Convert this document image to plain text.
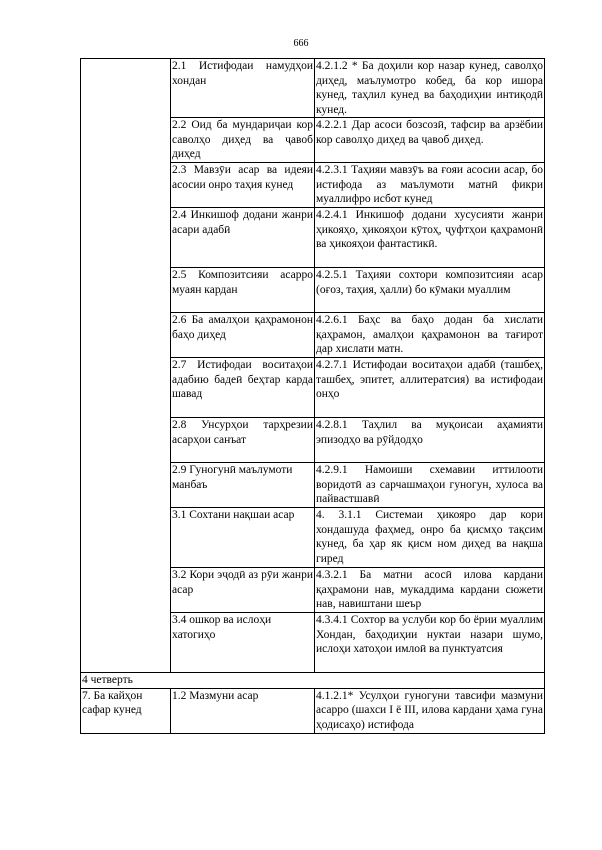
666
	2.1 Истифодаи намудҳои хондан	4.2.1.2 * Ба доҳили кор назар кунед, саволҳо диҳед, маълумотро кобед, ба кор ишора кунед, таҳлил кунед ва баҳодиҳии интиқодӣ кунед.
	2.2 Оид ба мундариҷаи кор саволҳо диҳед ва ҷавоб диҳед	4.2.2.1 Дар асоси бозсозӣ, тафсир ва арзёбии кор саволҳо диҳед ва ҷавоб диҳед.
	2.3 Мавзӯи асар ва идеяи асосии онро таҳия кунед	4.2.3.1 Таҳияи мавзӯъ ва ғояи асосии асар, бо истифода аз маълумоти матнӣ фикри муаллифро исбот кунед
	2.4 Инкишоф додани жанри асари адабӣ	4.2.4.1 Инкишоф додани хусусияти жанри ҳикояҳо, ҳикояҳои кӯтоҳ, ҷуфтҳои қаҳрамонӣ ва ҳикояҳои фантастикӣ.
	2.5 Композитсияи асарро муаян кардан	4.2.5.1 Таҳияи сохтори композитсияи асар (оғоз, таҳия, ҳалли) бо кӯмаки муаллим
	2.6 Ба амалҳои қаҳрамонон баҳо диҳед	4.2.6.1 Баҳс ва баҳо додан ба хислати қаҳрамон, амалҳои қаҳрамонон ва тағирот дар хислати матн.
	2.7 Истифодаи воситаҳои адабию бадеӣ беҳтар карда шавад	4.2.7.1 Истифодаи воситаҳои адабӣ (ташбеҳ, ташбеҳ, эпитет, аллитератсия) ва истифодаи онҳо
	2.8 Унсурҳои тарҳрезии асарҳои санъат	4.2.8.1 Таҳлил ва муқоисаи аҳамияти эпизодҳо ва рӯйдодҳо
	2.9 Гуногунӣ маълумоти манбаъ	4.2.9.1 Намоиши схемавии иттилооти воридотӣ аз сарчашмаҳои гуногун, хулоса ва пайвастшавӣ
	3.1 Сохтани нақшаи асар	4. 3.1.1 Системаи ҳикояро дар кори хондашуда фаҳмед, онро ба қисмҳо тақсим кунед, ба ҳар як қисм ном диҳед ва нақша гиред
	3.2 Кори эҷодӣ аз рӯи жанри асар	4.3.2.1 Ба матни асосӣ илова кардани қаҳрамони нав, мукаддима кардани сюжети нав, навиштани шеър
	3.4 ошкор ва ислоҳи хатогиҳо	4.3.4.1 Сохтор ва услуби кор бо ёрии муаллим Хондан, баҳодиҳии нуктаи назари шумо, ислоҳи хатоҳои имлоӣ ва пунктуатсия
4 четверть		
7. Ба кайҳон сафар кунед	1.2 Мазмуни асар	4.1.2.1* Усулҳои гуногуни тавсифи мазмуни асарро (шахси I ё III, илова кардани ҳама гуна ҳодисаҳо) истифода
